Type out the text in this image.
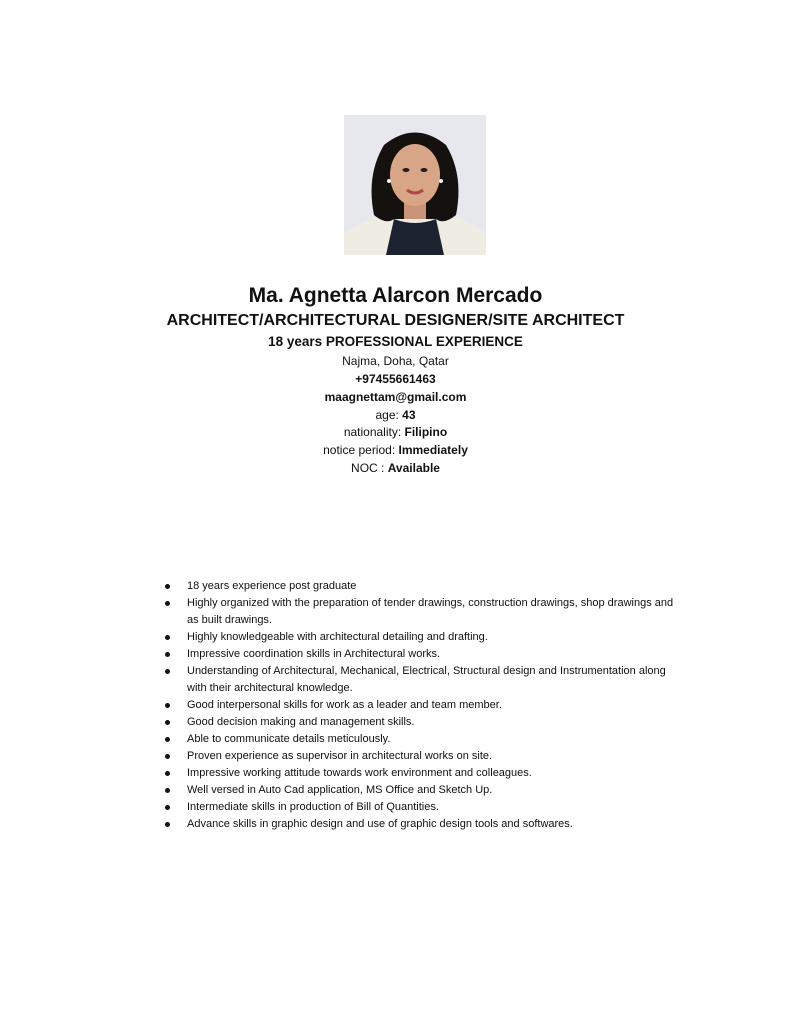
Ma. Agnetta Alarcon Mercado
ARCHITECT/ARCHITECTURAL DESIGNER/SITE ARCHITECT
18 years PROFESSIONAL EXPERIENCE
Najma, Doha, Qatar
+97455661463
maagnettam@gmail.com
age: 43
nationality: Filipino
notice period: Immediately
NOC : Available
18 years experience post graduate
Highly organized with the preparation of tender drawings, construction drawings, shop drawings and as built drawings.
Highly knowledgeable with architectural detailing and drafting.
Impressive coordination skills in Architectural works.
Understanding of Architectural, Mechanical, Electrical, Structural design and Instrumentation along with their architectural knowledge.
Good interpersonal skills for work as a leader and team member.
Good decision making and management skills.
Able to communicate details meticulously.
Proven experience as supervisor in architectural works on site.
Impressive working attitude towards work environment and colleagues.
Well versed in Auto Cad application, MS Office and Sketch Up.
Intermediate skills in production of Bill of Quantities.
Advance skills in graphic design and use of graphic design tools and softwares.
